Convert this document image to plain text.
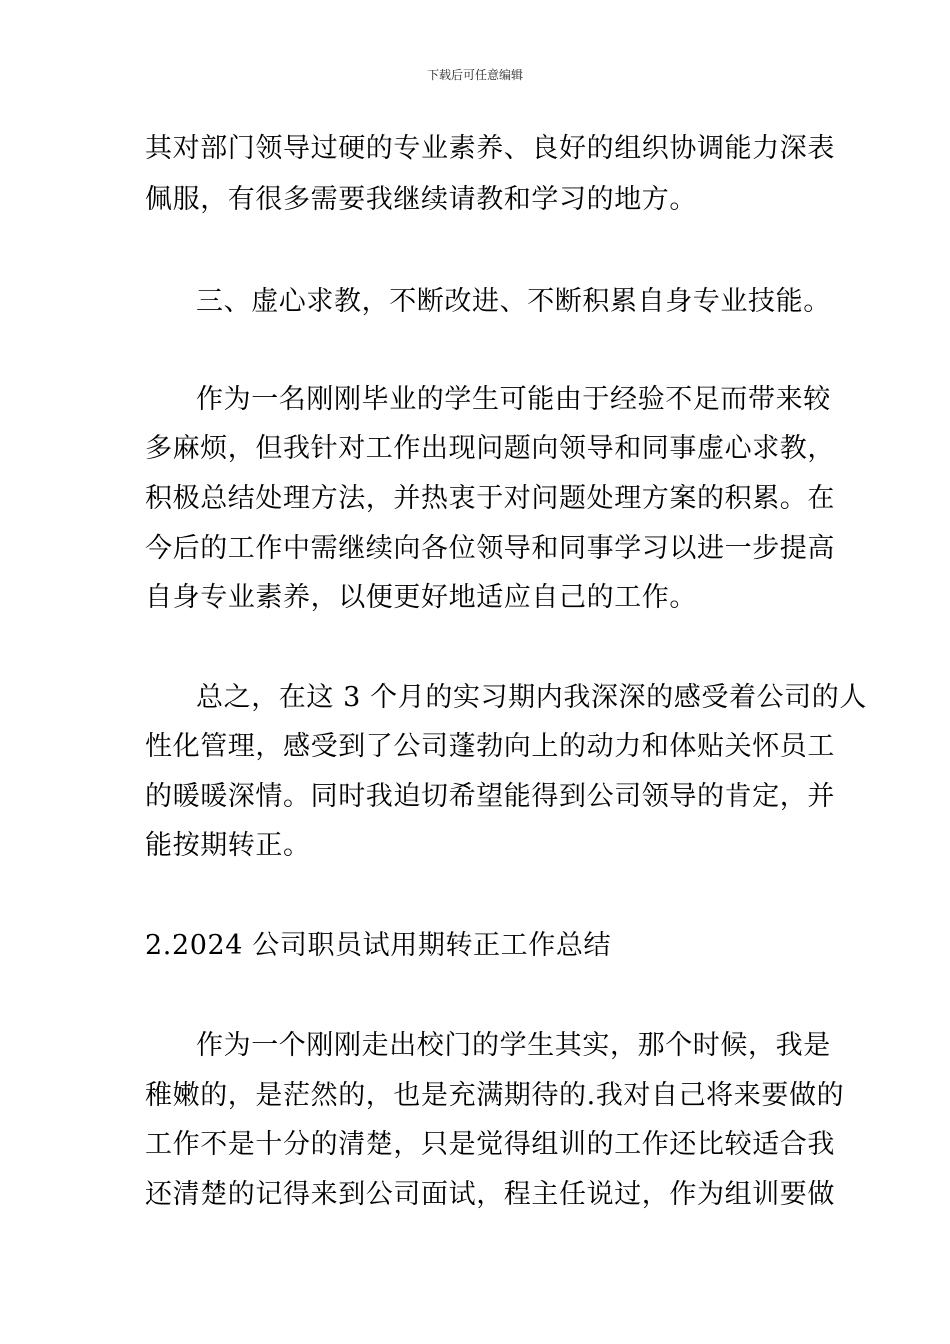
下载后可任意编辑
其对部门领导过硬的专业素养、良好的组织协调能力深表
佩服，有很多需要我继续请教和学习的地方。
三、虚心求教，不断改进、不断积累自身专业技能。
作为一名刚刚毕业的学生可能由于经验不足而带来较
多麻烦，但我针对工作出现问题向领导和同事虚心求教，
积极总结处理方法，并热衷于对问题处理方案的积累。在
今后的工作中需继续向各位领导和同事学习以进一步提高
自身专业素养，以便更好地适应自己的工作。
总之，在这 3 个月的实习期内我深深的感受着公司的人
性化管理，感受到了公司蓬勃向上的动力和体贴关怀员工
的暖暖深情。同时我迫切希望能得到公司领导的肯定，并
能按期转正。
2.2024 公司职员试用期转正工作总结
作为一个刚刚走出校门的学生其实，那个时候，我是
稚嫩的，是茫然的，也是充满期待的.我对自己将来要做的
工作不是十分的清楚，只是觉得组训的工作还比较适合我
还清楚的记得来到公司面试，程主任说过，作为组训要做
